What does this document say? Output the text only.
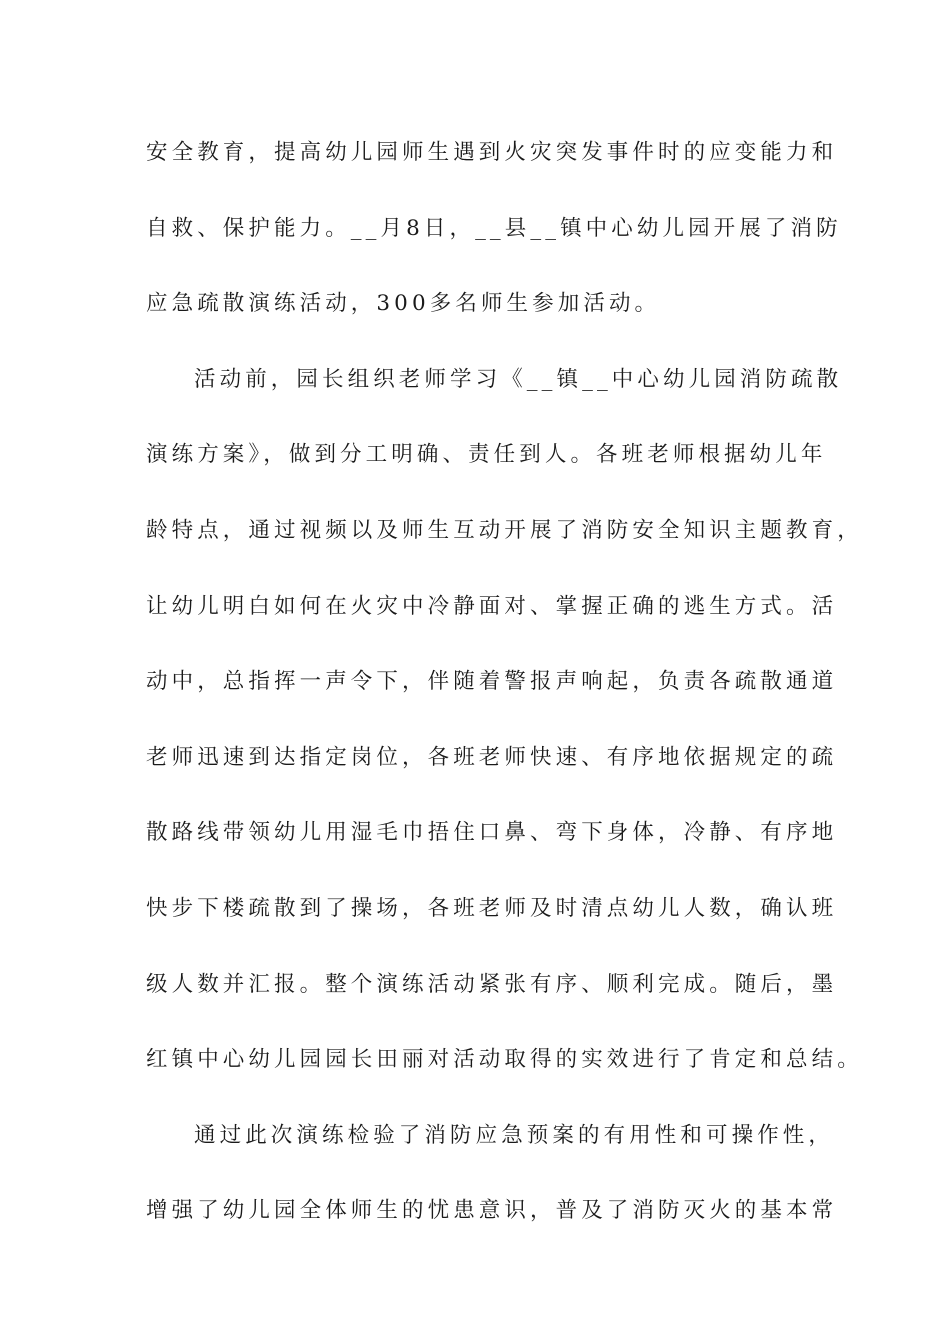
安全教育，提高幼儿园师生遇到火灾突发事件时的应变能力和
自救、保护能力。__月8日，__县__镇中心幼儿园开展了消防
应急疏散演练活动，300多名师生参加活动。
活动前，园长组织老师学习《__镇__中心幼儿园消防疏散
演练方案》，做到分工明确、责任到人。各班老师根据幼儿年
龄特点，通过视频以及师生互动开展了消防安全知识主题教育，
让幼儿明白如何在火灾中冷静面对、掌握正确的逃生方式。活
动中，总指挥一声令下，伴随着警报声响起，负责各疏散通道
老师迅速到达指定岗位，各班老师快速、有序地依据规定的疏
散路线带领幼儿用湿毛巾捂住口鼻、弯下身体，冷静、有序地
快步下楼疏散到了操场，各班老师及时清点幼儿人数，确认班
级人数并汇报。整个演练活动紧张有序、顺利完成。随后，墨
红镇中心幼儿园园长田丽对活动取得的实效进行了肯定和总结。
通过此次演练检验了消防应急预案的有用性和可操作性，
增强了幼儿园全体师生的忧患意识，普及了消防灭火的基本常
